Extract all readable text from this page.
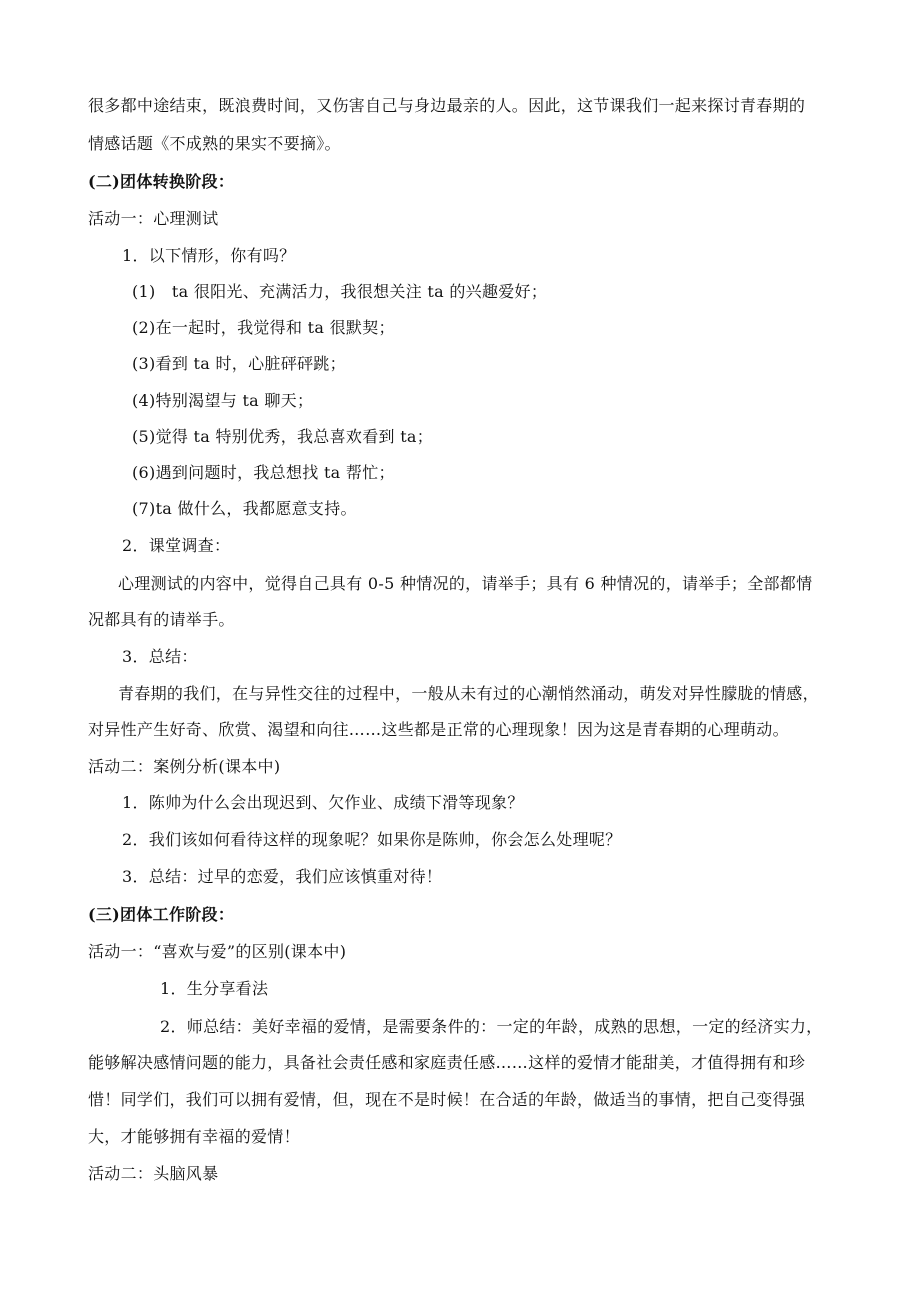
很多都中途结束，既浪费时间，又伤害自己与身边最亲的人。因此，这节课我们一起来探讨青春期的
情感话题《不成熟的果实不要摘》。
(二)团体转换阶段：
活动一：心理测试
1．以下情形，你有吗？
(1)　ta 很阳光、充满活力，我很想关注 ta 的兴趣爱好；
(2)在一起时，我觉得和 ta 很默契；
(3)看到 ta 时，心脏砰砰跳；
(4)特别渴望与 ta 聊天；
(5)觉得 ta 特别优秀，我总喜欢看到 ta；
(6)遇到问题时，我总想找 ta 帮忙；
(7)ta 做什么，我都愿意支持。
2．课堂调查：
心理测试的内容中，觉得自己具有 0-5 种情况的，请举手；具有 6 种情况的，请举手；全部都情
况都具有的请举手。
3．总结：
青春期的我们，在与异性交往的过程中，一般从未有过的心潮悄然涌动，萌发对异性朦胧的情感，
对异性产生好奇、欣赏、渴望和向往……这些都是正常的心理现象！因为这是青春期的心理萌动。
活动二：案例分析(课本中)
1．陈帅为什么会出现迟到、欠作业、成绩下滑等现象？
2．我们该如何看待这样的现象呢？如果你是陈帅，你会怎么处理呢？
3．总结：过早的恋爱，我们应该慎重对待！
(三)团体工作阶段：
活动一：“喜欢与爱”的区别(课本中)
1．生分享看法
2．师总结：美好幸福的爱情，是需要条件的：一定的年龄，成熟的思想，一定的经济实力，
能够解决感情问题的能力，具备社会责任感和家庭责任感……这样的爱情才能甜美，才值得拥有和珍
惜！同学们，我们可以拥有爱情，但，现在不是时候！在合适的年龄，做适当的事情，把自己变得强
大，才能够拥有幸福的爱情！
活动二：头脑风暴
